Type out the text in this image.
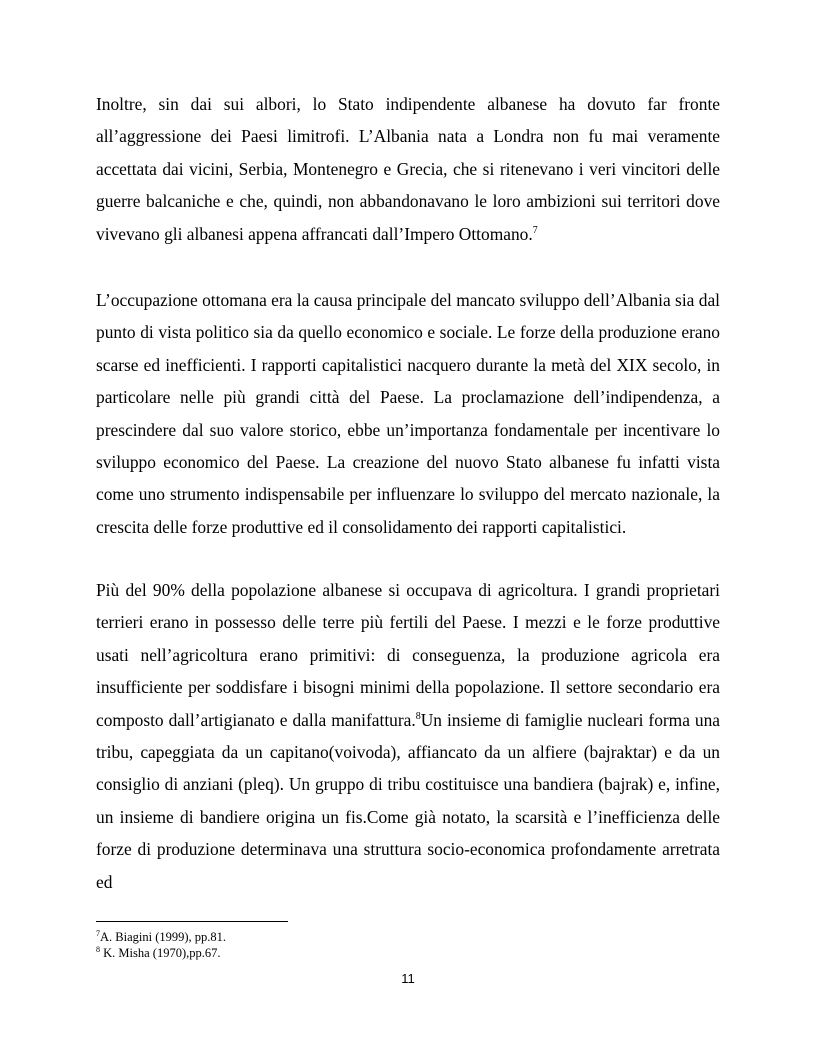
Inoltre, sin dai sui albori, lo Stato indipendente albanese ha dovuto far fronte all’aggressione dei Paesi limitrofi. L’Albania nata a Londra non fu mai veramente accettata dai vicini, Serbia, Montenegro e Grecia, che si ritenevano i veri vincitori delle guerre balcaniche e che, quindi, non abbandonavano le loro ambizioni sui territori dove vivevano gli albanesi appena affrancati dall’Impero Ottomano.$^7$

L’occupazione ottomana era la causa principale del mancato sviluppo dell’Albania sia dal punto di vista politico sia da quello economico e sociale. Le forze della produzione erano scarse ed inefficienti. I rapporti capitalistici nacquero durante la metà del XIX secolo, in particolare nelle più grandi città del Paese. La proclamazione dell’indipendenza, a prescindere dal suo valore storico, ebbe un’importanza fondamentale per incentivare lo sviluppo economico del Paese. La creazione del nuovo Stato albanese fu infatti vista come uno strumento indispensabile per influenzare lo sviluppo del mercato nazionale, la crescita delle forze produttive ed il consolidamento dei rapporti capitalistici.

Più del 90% della popolazione albanese si occupava di agricoltura. I grandi proprietari terrieri erano in possesso delle terre più fertili del Paese. I mezzi e le forze produttive usati nell’agricoltura erano primitivi: di conseguenza, la produzione agricola era insufficiente per soddisfare i bisogni minimi della popolazione. Il settore secondario era composto dall’artigianato e dalla manifattura.$^8$Un insieme di famiglie nucleari forma una tribu, capeggiata da un capitano(voivoda), affiancato da un alfiere (bajraktar) e da un consiglio di anziani (pleq). Un gruppo di tribu costituisce una bandiera (bajrak) e, infine, un insieme di bandiere origina un fis.Come già notato, la scarsità e l’inefficienza delle forze di produzione determinava una struttura socio-economica profondamente arretrata ed

$^7$A. Biagini (1999), pp.81.

$^8$ K. Misha (1970),pp.67.

11
